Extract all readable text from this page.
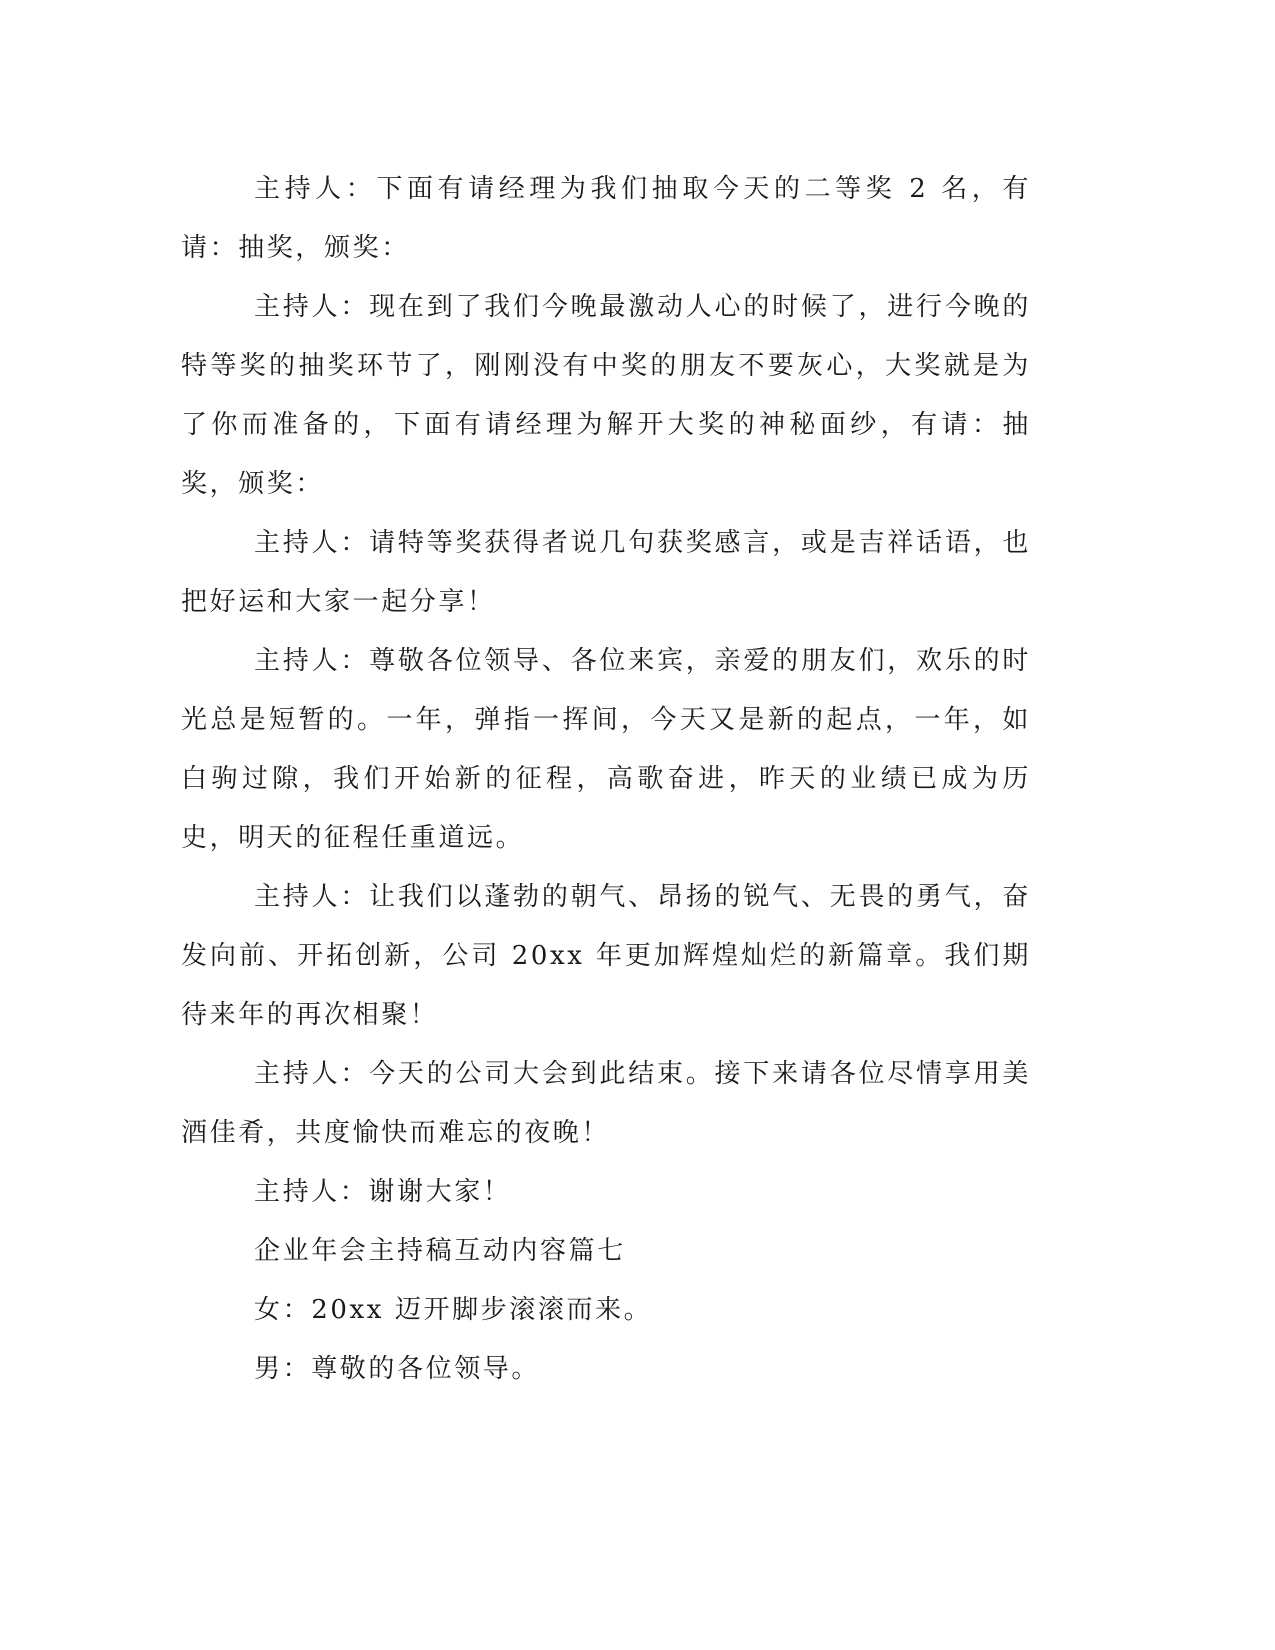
主持人：下面有请经理为我们抽取今天的二等奖 2 名，有请：抽奖，颁奖：

主持人：现在到了我们今晚最激动人心的时候了，进行今晚的特等奖的抽奖环节了，刚刚没有中奖的朋友不要灰心，大奖就是为了你而准备的，下面有请经理为解开大奖的神秘面纱，有请：抽奖，颁奖：

主持人：请特等奖获得者说几句获奖感言，或是吉祥话语，也把好运和大家一起分享！

主持人：尊敬各位领导、各位来宾，亲爱的朋友们，欢乐的时光总是短暂的。一年，弹指一挥间，今天又是新的起点，一年，如白驹过隙，我们开始新的征程，高歌奋进，昨天的业绩已成为历史，明天的征程任重道远。

主持人：让我们以蓬勃的朝气、昂扬的锐气、无畏的勇气，奋发向前、开拓创新，公司 20xx 年更加辉煌灿烂的新篇章。我们期待来年的再次相聚！

主持人：今天的公司大会到此结束。接下来请各位尽情享用美酒佳肴，共度愉快而难忘的夜晚！

主持人：谢谢大家！

企业年会主持稿互动内容篇七

女：20xx 迈开脚步滚滚而来。

男：尊敬的各位领导。
